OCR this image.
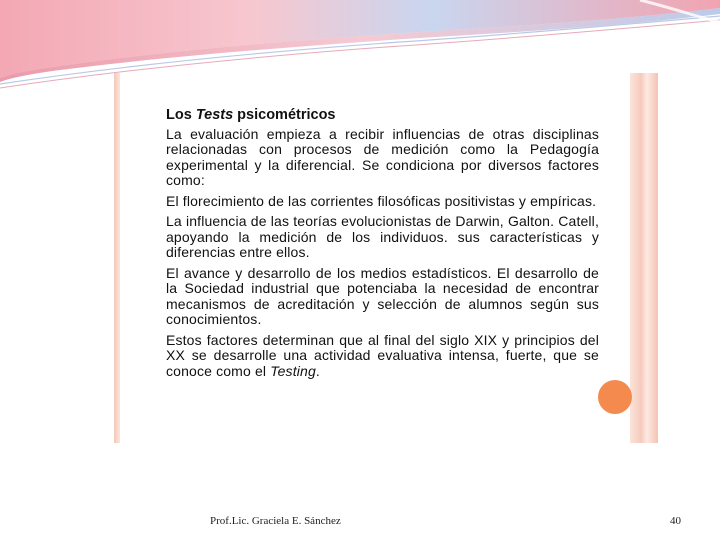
Los Tests psicométricos

La evaluación empieza a recibir influencias de otras disciplinas relacionadas con procesos de medición como la Pedagogía experimental y la diferencial. Se condiciona por diversos factores como:

El florecimiento de las corrientes filosóficas positivistas y empíricas.

La influencia de las teorías evolucionistas de Darwin, Galton. Catell, apoyando la medición de los individuos. sus características y diferencias entre ellos.

El avance y desarrollo de los medios estadísticos. El desarrollo de la Sociedad industrial que potenciaba la necesidad de encontrar mecanismos de acreditación y selección de alumnos según sus conocimientos.

Estos factores determinan que al final del siglo XIX y principios del XX se desarrolle una actividad evaluativa intensa, fuerte, que se conoce como el Testing.

Prof.Lic. Graciela E. Sánchez	40
